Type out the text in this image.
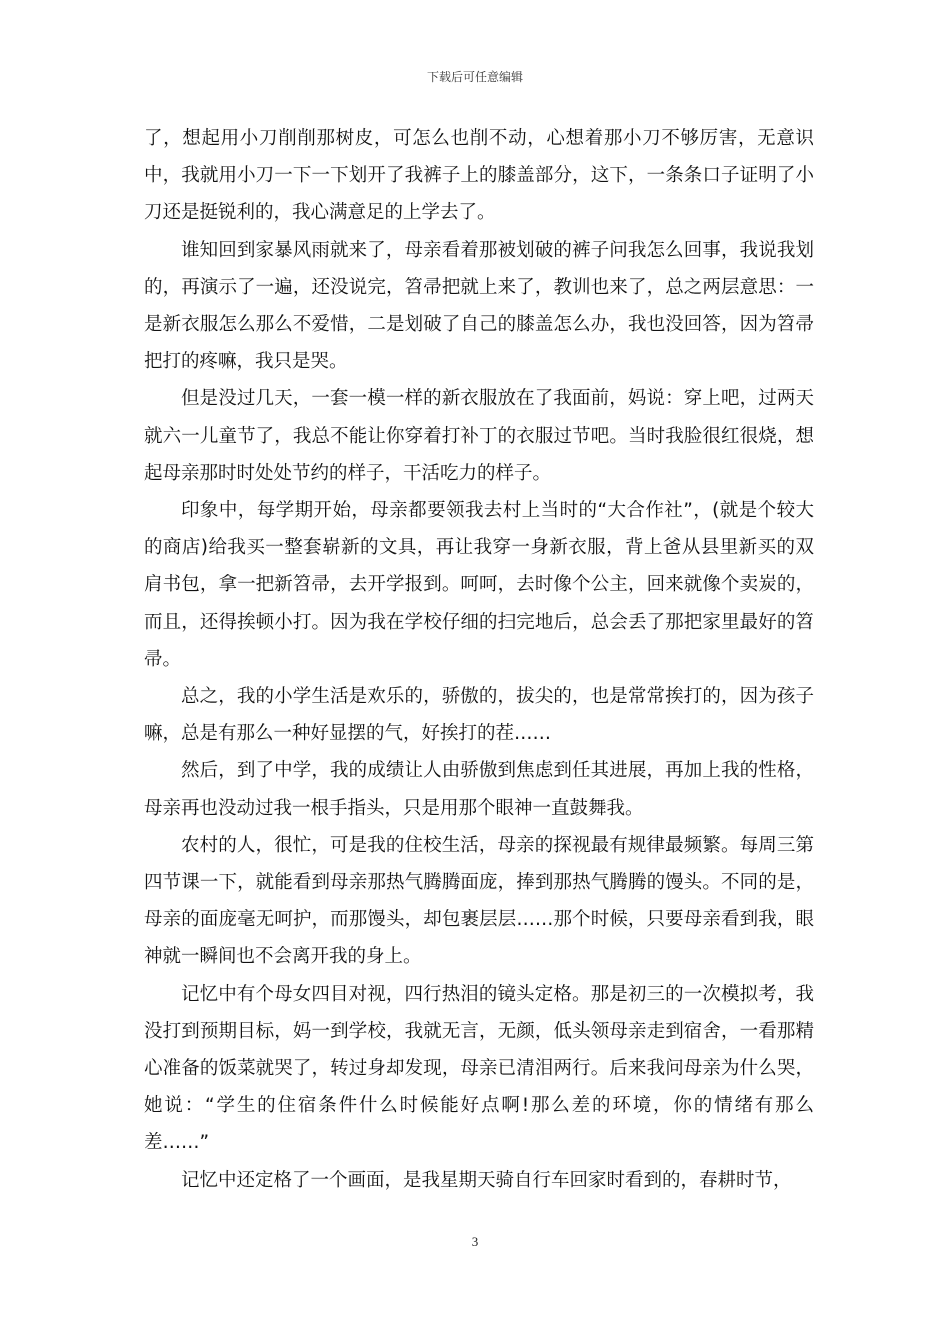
下载后可任意编辑

了，想起用小刀削削那树皮，可怎么也削不动，心想着那小刀不够厉害，无意识中，我就用小刀一下一下划开了我裤子上的膝盖部分，这下，一条条口子证明了小刀还是挺锐利的，我心满意足的上学去了。

谁知回到家暴风雨就来了，母亲看着那被划破的裤子问我怎么回事，我说我划的，再演示了一遍，还没说完，笤帚把就上来了，教训也来了，总之两层意思：一是新衣服怎么那么不爱惜，二是划破了自己的膝盖怎么办，我也没回答，因为笤帚把打的疼嘛，我只是哭。

但是没过几天，一套一模一样的新衣服放在了我面前，妈说：穿上吧，过两天就六一儿童节了，我总不能让你穿着打补丁的衣服过节吧。当时我脸很红很烧，想起母亲那时时处处节约的样子，干活吃力的样子。

印象中，每学期开始，母亲都要领我去村上当时的“大合作社”，(就是个较大的商店)给我买一整套崭新的文具，再让我穿一身新衣服，背上爸从县里新买的双肩书包，拿一把新笤帚，去开学报到。呵呵，去时像个公主，回来就像个卖炭的，而且，还得挨顿小打。因为我在学校仔细的扫完地后，总会丢了那把家里最好的笤帚。

总之，我的小学生活是欢乐的，骄傲的，拔尖的，也是常常挨打的，因为孩子嘛，总是有那么一种好显摆的气，好挨打的茬……

然后，到了中学，我的成绩让人由骄傲到焦虑到任其进展，再加上我的性格，母亲再也没动过我一根手指头，只是用那个眼神一直鼓舞我。

农村的人，很忙，可是我的住校生活，母亲的探视最有规律最频繁。每周三第四节课一下，就能看到母亲那热气腾腾面庞，捧到那热气腾腾的馒头。不同的是，母亲的面庞毫无呵护，而那馒头，却包裹层层……那个时候，只要母亲看到我，眼神就一瞬间也不会离开我的身上。

记忆中有个母女四目对视，四行热泪的镜头定格。那是初三的一次模拟考，我没打到预期目标，妈一到学校，我就无言，无颜，低头领母亲走到宿舍，一看那精心准备的饭菜就哭了，转过身却发现，母亲已清泪两行。后来我问母亲为什么哭，她说：“学生的住宿条件什么时候能好点啊!那么差的环境，你的情绪有那么差……”

记忆中还定格了一个画面，是我星期天骑自行车回家时看到的，春耕时节，

3
